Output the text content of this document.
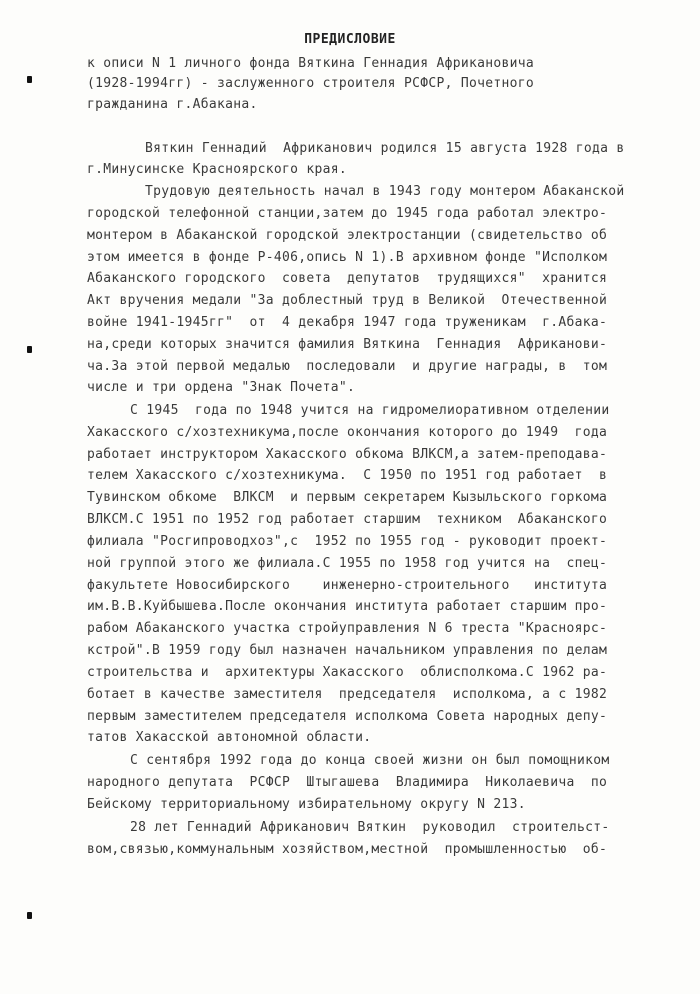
ПРЕДИСЛОВИЕ
к описи N 1 личного фонда Вяткина Геннадия Африкановича
(1928-1994гг) - заслуженного строителя РСФСР, Почетного
гражданина г.Абакана.
Вяткин Геннадий  Африканович родился 15 августа 1928 года в
г.Минусинске Красноярского края.
Трудовую деятельность начал в 1943 году монтером Абаканской
городской телефонной станции,затем до 1945 года работал электро-
монтером в Абаканской городской электростанции (свидетельство об
этом имеется в фонде Р-406,опись N 1).В архивном фонде "Исполком
Абаканского городского  совета  депутатов  трудящихся"  хранится
Акт вручения медали "За доблестный труд в Великой  Отечественной
войне 1941-1945гг"  от  4 декабря 1947 года труженикам  г.Абака-
на,среди которых значится фамилия Вяткина  Геннадия  Африканови-
ча.За этой первой медалью  последовали  и другие награды, в  том
числе и три ордена "Знак Почета".
С 1945  года по 1948 учится на гидромелиоративном отделении
Хакасского с/хозтехникума,после окончания которого до 1949  года
работает инструктором Хакасского обкома ВЛКСМ,а затем-преподава-
телем Хакасского с/хозтехникума.  С 1950 по 1951 год работает  в
Тувинском обкоме  ВЛКСМ  и первым секретарем Кызыльского горкома
ВЛКСМ.С 1951 по 1952 год работает старшим  техником  Абаканского
филиала "Росгипроводхоз",с  1952 по 1955 год - руководит проект-
ной группой этого же филиала.С 1955 по 1958 год учится на  спец-
факультете Новосибирского    инженерно-строительного   института
им.В.В.Куйбышева.После окончания института работает старшим про-
рабом Абаканского участка стройуправления N 6 треста "Красноярс-
кстрой".В 1959 году был назначен начальником управления по делам
строительства и  архитектуры Хакасского  облисполкома.С 1962 ра-
ботает в качестве заместителя  председателя  исполкома, а с 1982
первым заместителем председателя исполкома Совета народных депу-
татов Хакасской автономной области.
С сентября 1992 года до конца своей жизни он был помощником
народного депутата  РСФСР  Штыгашева  Владимира  Николаевича  по
Бейскому территориальному избирательному округу N 213.
28 лет Геннадий Африканович Вяткин  руководил  строительст-
вом,связью,коммунальным хозяйством,местной  промышленностью  об-
